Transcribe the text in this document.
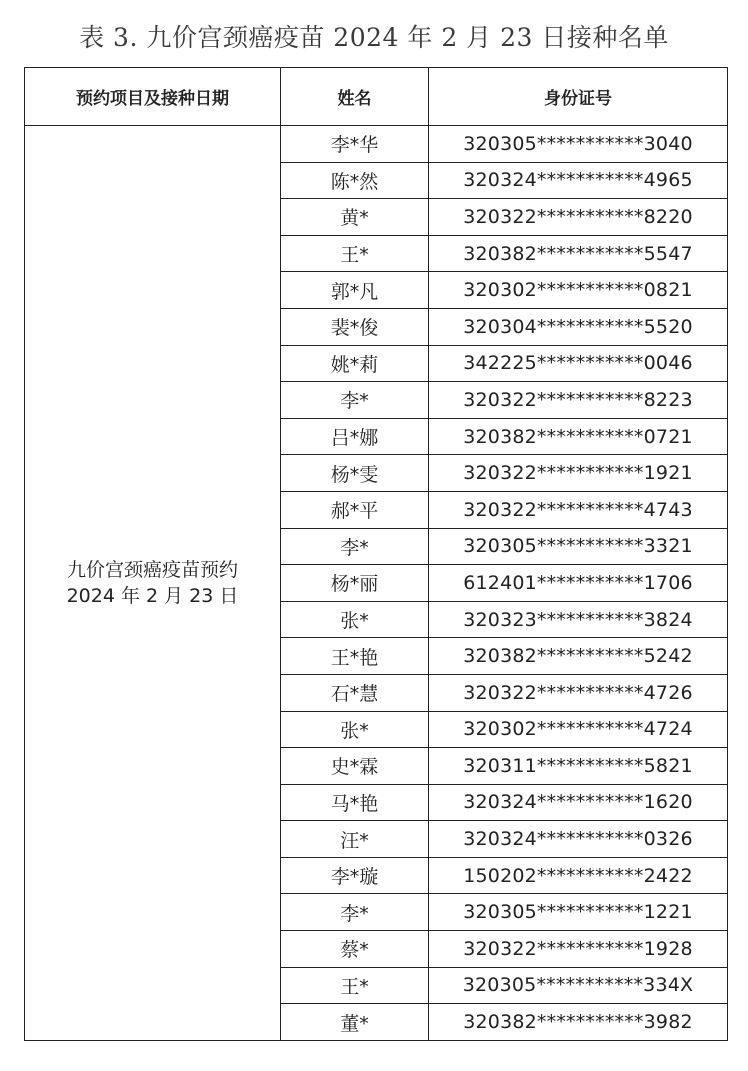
表 3. 九价宫颈癌疫苗 2024 年 2 月 23 日接种名单
预约项目及接种日期	姓名	身份证号

九价宫颈癌疫苗预约
2024 年 2 月 23 日	李*华	320305***********3040
	陈*然	320324***********4965
	黄*	320322***********8220
	王*	320382***********5547
	郭*凡	320302***********0821
	裴*俊	320304***********5520
	姚*莉	342225***********0046
	李*	320322***********8223
	吕*娜	320382***********0721
	杨*雯	320322***********1921
	郝*平	320322***********4743
	李*	320305***********3321
	杨*丽	612401***********1706
	张*	320323***********3824
	王*艳	320382***********5242
	石*慧	320322***********4726
	张*	320302***********4724
	史*霖	320311***********5821
	马*艳	320324***********1620
	汪*	320324***********0326
	李*璇	150202***********2422
	李*	320305***********1221
	蔡*	320322***********1928
	王*	320305***********334X
	董*	320382***********3982
